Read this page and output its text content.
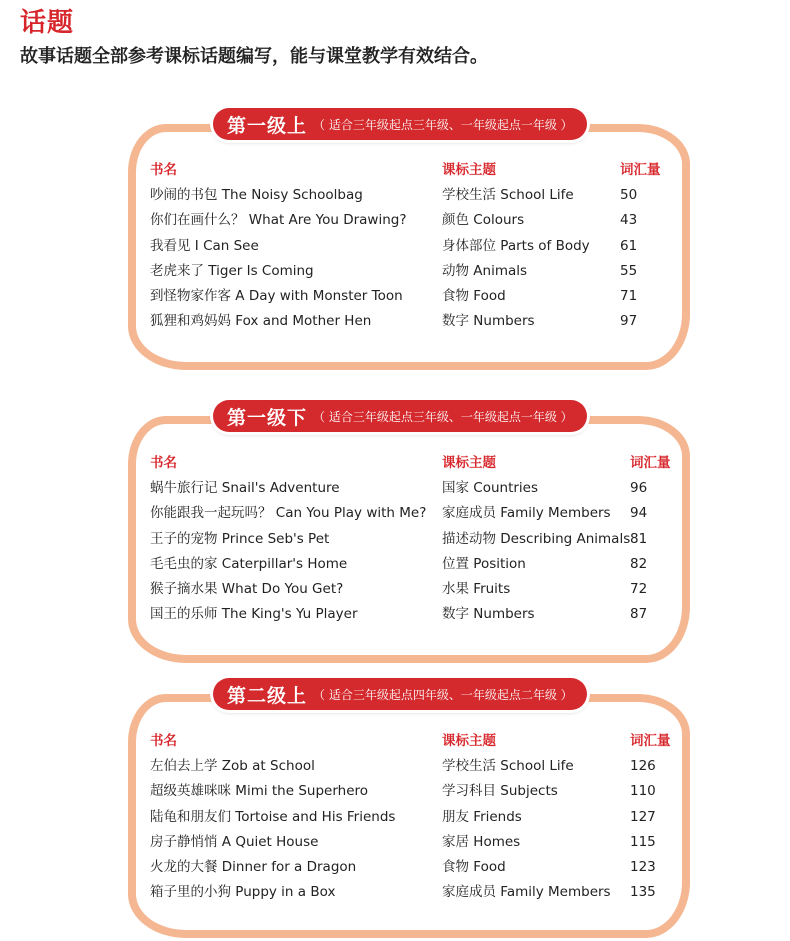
话题
故事话题全部参考课标话题编写，能与课堂教学有效结合。
第一级上 （ 适合三年级起点三年级、一年级起点一年级 ）
书名	课标主题	词汇量
吵闹的书包 The Noisy Schoolbag	学校生活 School Life	50
你们在画什么？ What Are You Drawing?	颜色 Colours	43
我看见 I Can See	身体部位 Parts of Body 61
老虎来了 Tiger Is Coming	动物 Animals	55
到怪物家作客 A Day with Monster Toon	食物 Food	71
狐狸和鸡妈妈 Fox and Mother Hen	数字 Numbers	97
第一级下 （ 适合三年级起点三年级、一年级起点一年级 ）
书名	课标主题	词汇量
蜗牛旅行记 Snail's Adventure	国家 Countries	96
你能跟我一起玩吗？ Can You Play with Me? 家庭成员 Family Members 94
王子的宠物 Prince Seb's Pet	描述动物 Describing Animals 81
毛毛虫的家 Caterpillar's Home	位置 Position	82
猴子摘水果 What Do You Get?	水果 Fruits	72
国王的乐师 The King's Yu Player	数字 Numbers	87
第二级上 （ 适合三年级起点四年级、一年级起点二年级 ）
书名	课标主题	词汇量
左伯去上学 Zob at School	学校生活 School Life	126
超级英雄咪咪 Mimi the Superhero	学习科目 Subjects	110
陆龟和朋友们 Tortoise and His Friends	朋友 Friends	127
房子静悄悄 A Quiet House	家居 Homes	115
火龙的大餐 Dinner for a Dragon	食物 Food	123
箱子里的小狗 Puppy in a Box	家庭成员 Family Members 135
